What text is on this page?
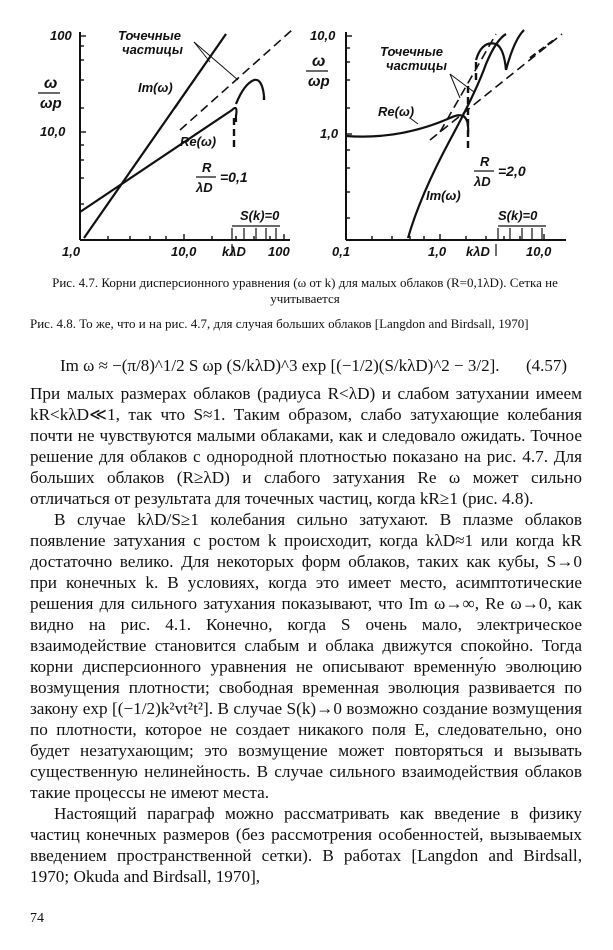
ω
ωp
100
10,0
1,0	10,0	100
kλD
Точечные
частицы
Im(ω)
Re(ω)
R
λD
=0,1
S(k)=0
ω
ωp
10,0
1,0
0,1	1,0	10,0
kλD
Точечные
частицы
Re(ω)
Im(ω)
R
λD
=2,0
S(k)=0
Рис. 4.7. Корни дисперсионного уравнения (ω от k) для малых облаков (R=0,1λD). Сетка не учитывается
Рис. 4.8. То же, что и на рис. 4.7, для случая больших облаков [Langdon and Birdsall, 1970]
Im ω ≈ −(π/8)^1/2 S ωp (S/kλD)^3 exp [(−1/2)(S/kλD)^2 − 3/2]. (4.57)

При малых размерах облаков (радиуса R<λD) и слабом затухании имеем kR<kλD≪1, так что S≈1. Таким образом, слабо затухающие колебания почти не чувствуются малыми облаками, как и следовало ожидать. Точное решение для облаков с однородной плотностью показано на рис. 4.7. Для больших облаков (R≥λD) и слабого затухания Re ω может сильно отличаться от результата для точечных частиц, когда kR≥1 (рис. 4.8).

В случае kλD/S≥1 колебания сильно затухают. В плазме облаков появление затухания с ростом k происходит, когда kλD≈1 или когда kR достаточно велико. Для некоторых форм облаков, таких как кубы, S→0 при конечных k. В условиях, когда это имеет место, асимптотические решения для сильного затухания показывают, что Im ω→∞, Re ω→0, как видно на рис. 4.1. Конечно, когда S очень мало, электрическое взаимодействие становится слабым и облака движутся спокойно. Тогда корни дисперсионного уравнения не описывают временну́ю эволюцию возмущения плотности; свободная временная эволюция развивается по закону exp [(−1/2)k²vt²t²]. В случае S(k)→0 возможно создание возмущения по плотности, которое не создает никакого поля E, следовательно, оно будет незатухающим; это возмущение может повторяться и вызывать существенную нелинейность. В случае сильного взаимодействия облаков такие процессы не имеют места.

Настоящий параграф можно рассматривать как введение в физику частиц конечных размеров (без рассмотрения особенностей, вызываемых введением пространственной сетки). В работах [Langdon and Birdsall, 1970; Okuda and Birdsall, 1970],

74
